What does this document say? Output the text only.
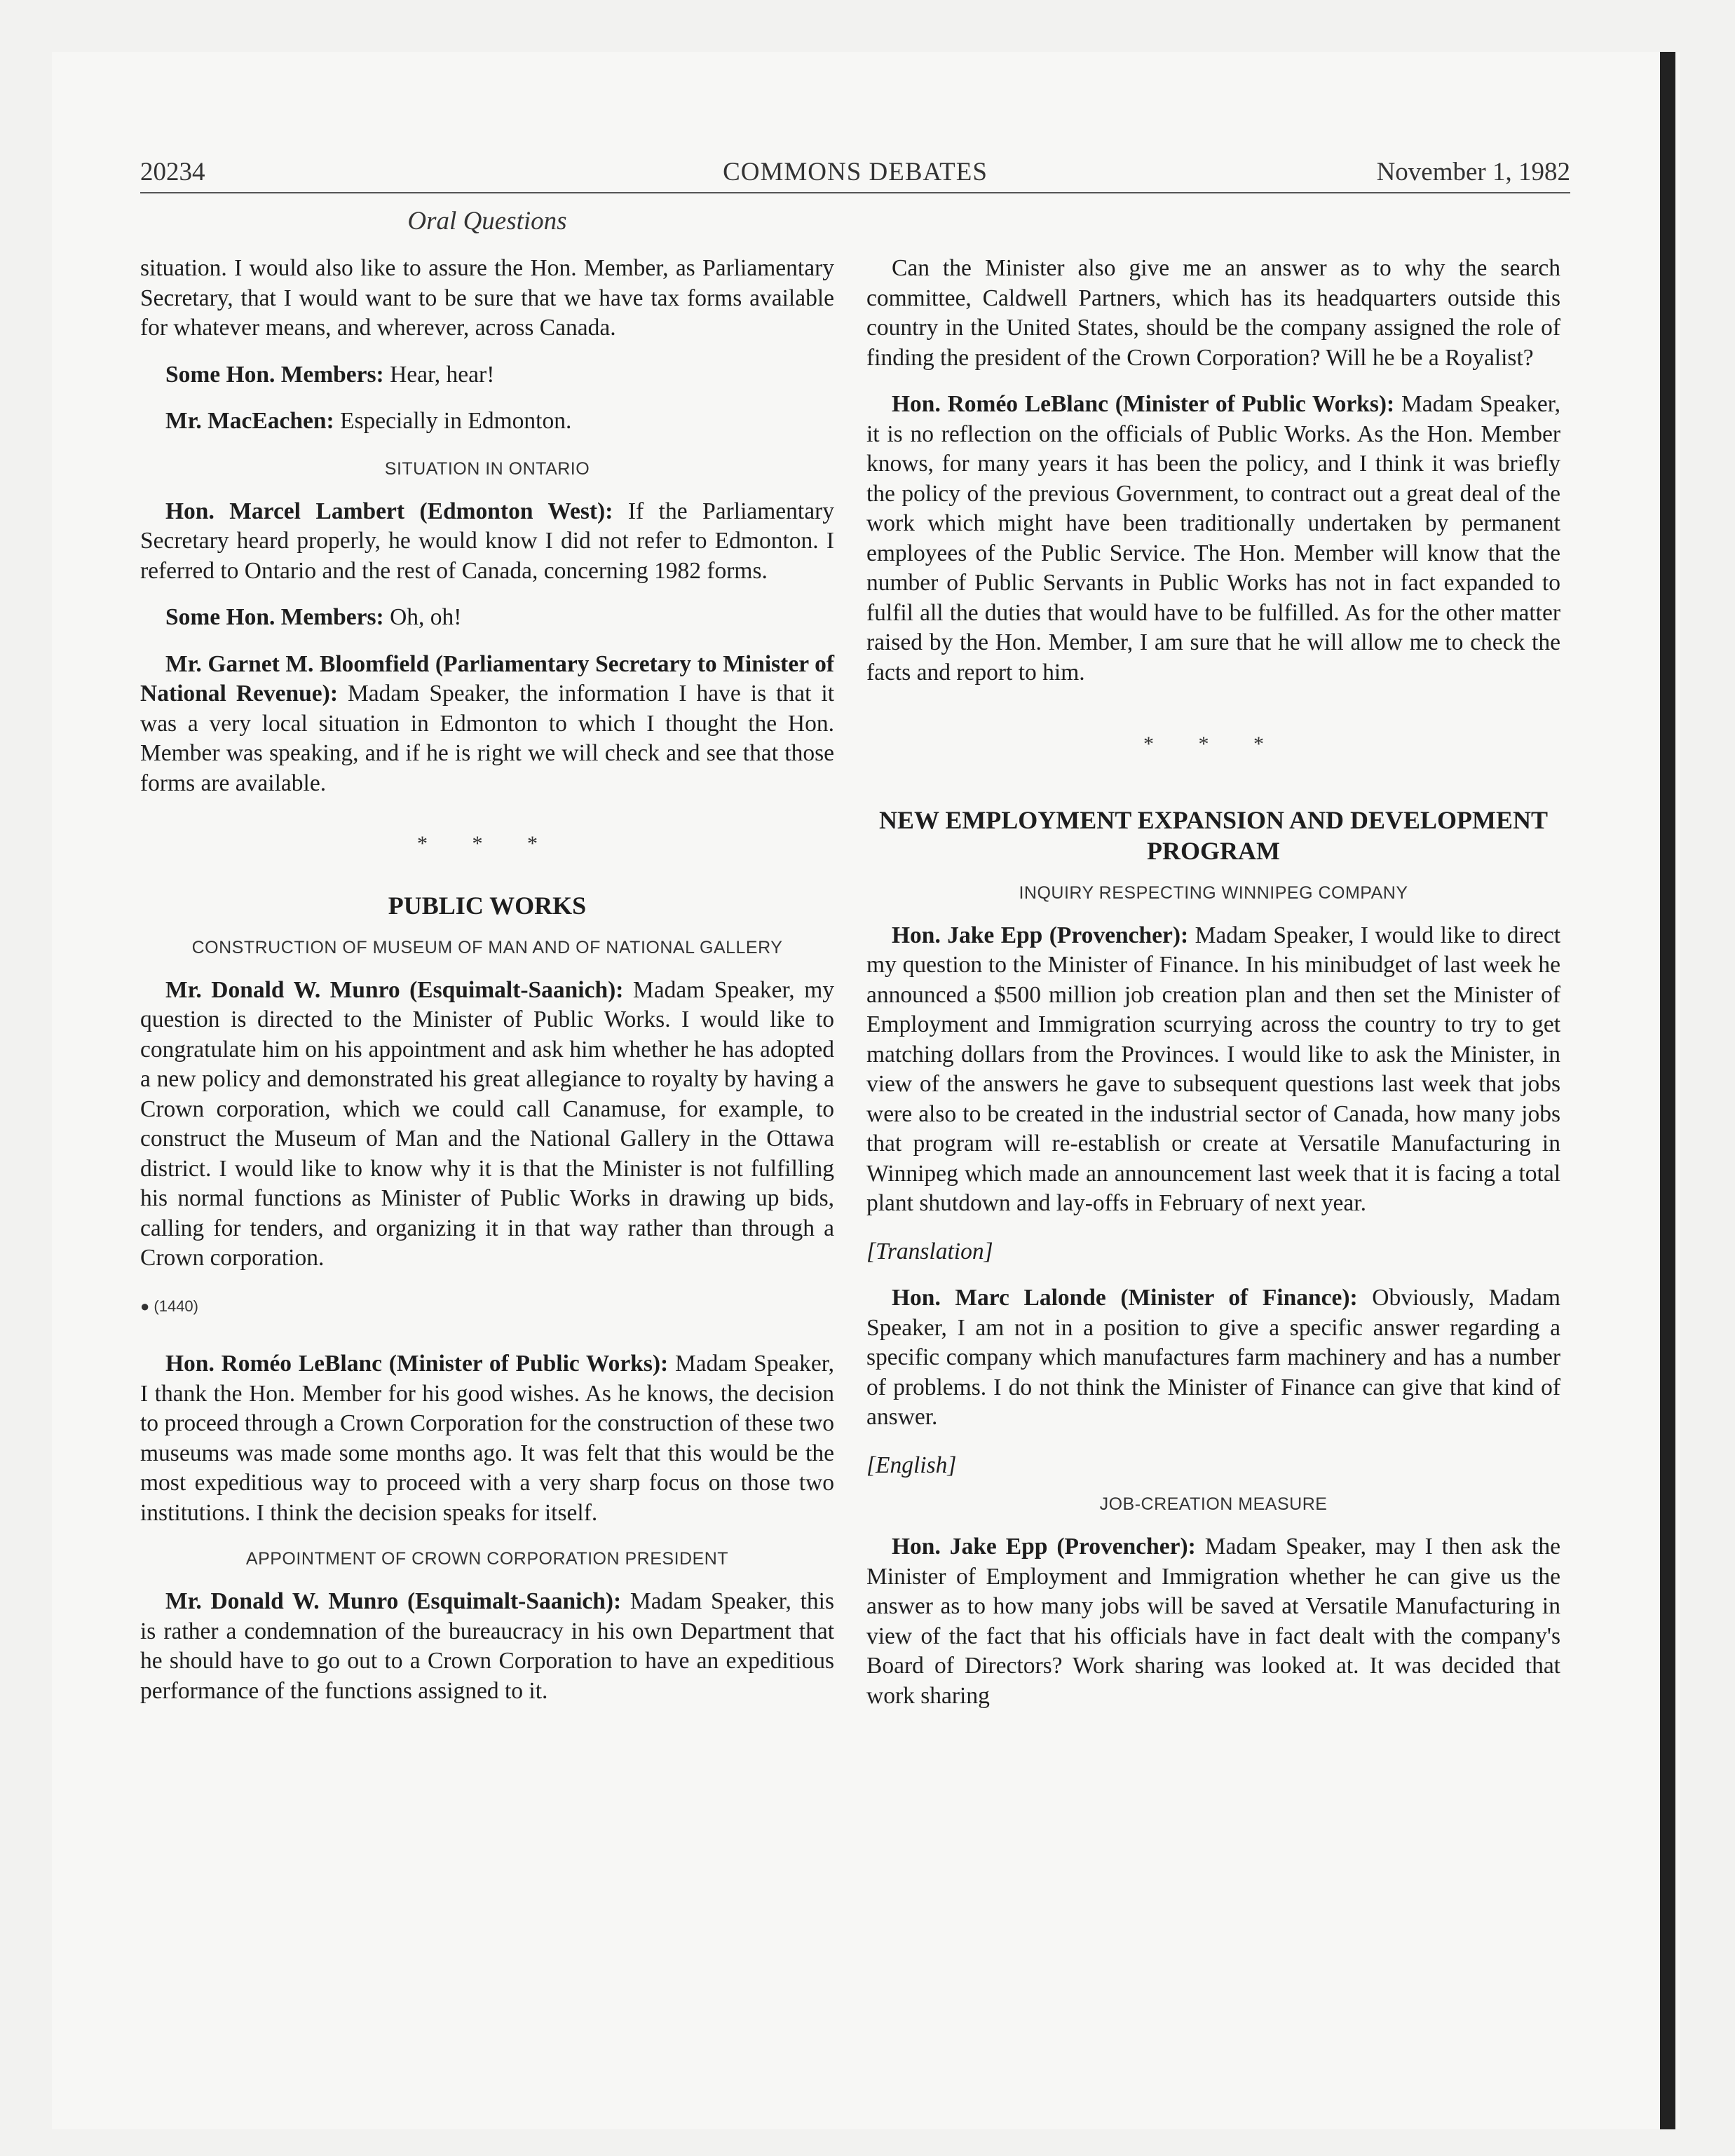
20234	COMMONS DEBATES	November 1, 1982
Oral Questions

situation. I would also like to assure the Hon. Member, as Parliamentary Secretary, that I would want to be sure that we have tax forms available for whatever means, and wherever, across Canada.

Some Hon. Members: Hear, hear!

Mr. MacEachen: Especially in Edmonton.

SITUATION IN ONTARIO

Hon. Marcel Lambert (Edmonton West): If the Parliamentary Secretary heard properly, he would know I did not refer to Edmonton. I referred to Ontario and the rest of Canada, concerning 1982 forms.

Some Hon. Members: Oh, oh!

Mr. Garnet M. Bloomfield (Parliamentary Secretary to Minister of National Revenue): Madam Speaker, the information I have is that it was a very local situation in Edmonton to which I thought the Hon. Member was speaking, and if he is right we will check and see that those forms are available.

* * *
PUBLIC WORKS
CONSTRUCTION OF MUSEUM OF MAN AND OF NATIONAL GALLERY

Mr. Donald W. Munro (Esquimalt-Saanich): Madam Speaker, my question is directed to the Minister of Public Works. I would like to congratulate him on his appointment and ask him whether he has adopted a new policy and demonstrated his great allegiance to royalty by having a Crown corporation, which we could call Canamuse, for example, to construct the Museum of Man and the National Gallery in the Ottawa district. I would like to know why it is that the Minister is not fulfilling his normal functions as Minister of Public Works in drawing up bids, calling for tenders, and organizing it in that way rather than through a Crown corporation.

● (1440)

Hon. Roméo LeBlanc (Minister of Public Works): Madam Speaker, I thank the Hon. Member for his good wishes. As he knows, the decision to proceed through a Crown Corporation for the construction of these two museums was made some months ago. It was felt that this would be the most expeditious way to proceed with a very sharp focus on those two institutions. I think the decision speaks for itself.

APPOINTMENT OF CROWN CORPORATION PRESIDENT

Mr. Donald W. Munro (Esquimalt-Saanich): Madam Speaker, this is rather a condemnation of the bureaucracy in his own Department that he should have to go out to a Crown Corporation to have an expeditious performance of the functions assigned to it.

Can the Minister also give me an answer as to why the search committee, Caldwell Partners, which has its headquarters outside this country in the United States, should be the company assigned the role of finding the president of the Crown Corporation? Will he be a Royalist?

Hon. Roméo LeBlanc (Minister of Public Works): Madam Speaker, it is no reflection on the officials of Public Works. As the Hon. Member knows, for many years it has been the policy, and I think it was briefly the policy of the previous Government, to contract out a great deal of the work which might have been traditionally undertaken by permanent employees of the Public Service. The Hon. Member will know that the number of Public Servants in Public Works has not in fact expanded to fulfil all the duties that would have to be fulfilled. As for the other matter raised by the Hon. Member, I am sure that he will allow me to check the facts and report to him.

* * *
NEW EMPLOYMENT EXPANSION AND DEVELOPMENT PROGRAM
INQUIRY RESPECTING WINNIPEG COMPANY

Hon. Jake Epp (Provencher): Madam Speaker, I would like to direct my question to the Minister of Finance. In his minibudget of last week he announced a $500 million job creation plan and then set the Minister of Employment and Immigration scurrying across the country to try to get matching dollars from the Provinces. I would like to ask the Minister, in view of the answers he gave to subsequent questions last week that jobs were also to be created in the industrial sector of Canada, how many jobs that program will re-establish or create at Versatile Manufacturing in Winnipeg which made an announcement last week that it is facing a total plant shutdown and lay-offs in February of next year.

[Translation]

Hon. Marc Lalonde (Minister of Finance): Obviously, Madam Speaker, I am not in a position to give a specific answer regarding a specific company which manufactures farm machinery and has a number of problems. I do not think the Minister of Finance can give that kind of answer.

[English]

JOB-CREATION MEASURE

Hon. Jake Epp (Provencher): Madam Speaker, may I then ask the Minister of Employment and Immigration whether he can give us the answer as to how many jobs will be saved at Versatile Manufacturing in view of the fact that his officials have in fact dealt with the company's Board of Directors? Work sharing was looked at. It was decided that work sharing
